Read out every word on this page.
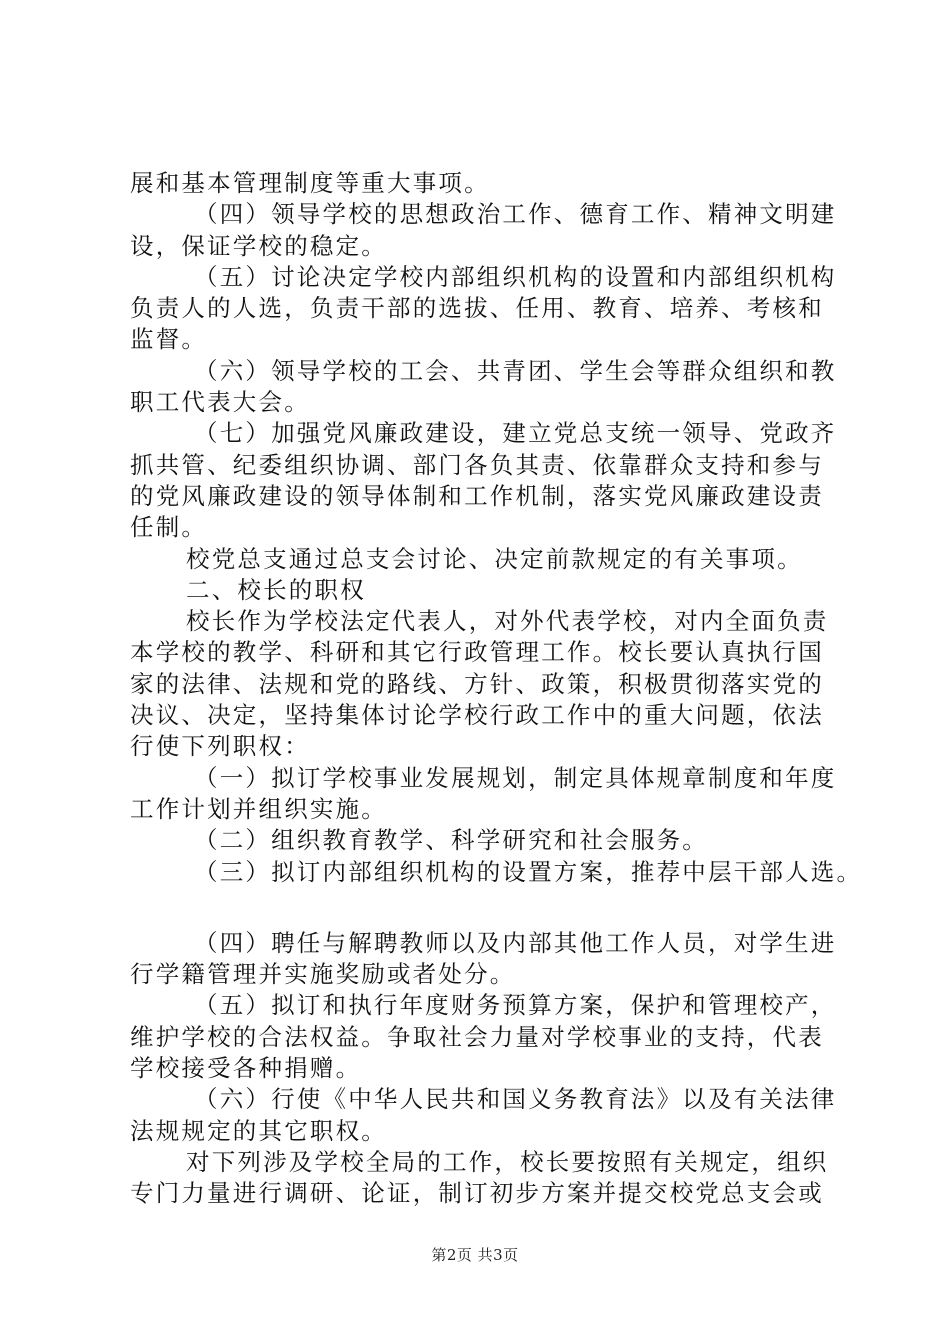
展和基本管理制度等重大事项。
（四）领导学校的思想政治工作、德育工作、精神文明建
设，保证学校的稳定。
（五）讨论决定学校内部组织机构的设置和内部组织机构
负责人的人选，负责干部的选拔、任用、教育、培养、考核和
监督。
（六）领导学校的工会、共青团、学生会等群众组织和教
职工代表大会。
（七）加强党风廉政建设，建立党总支统一领导、党政齐
抓共管、纪委组织协调、部门各负其责、依靠群众支持和参与
的党风廉政建设的领导体制和工作机制，落实党风廉政建设责
任制。
校党总支通过总支会讨论、决定前款规定的有关事项。
二、校长的职权
校长作为学校法定代表人，对外代表学校，对内全面负责
本学校的教学、科研和其它行政管理工作。校长要认真执行国
家的法律、法规和党的路线、方针、政策，积极贯彻落实党的
决议、决定，坚持集体讨论学校行政工作中的重大问题，依法
行使下列职权：
（一）拟订学校事业发展规划，制定具体规章制度和年度
工作计划并组织实施。
（二）组织教育教学、科学研究和社会服务。
（三）拟订内部组织机构的设置方案，推荐中层干部人选。
（四）聘任与解聘教师以及内部其他工作人员，对学生进
行学籍管理并实施奖励或者处分。
（五）拟订和执行年度财务预算方案，保护和管理校产，
维护学校的合法权益。争取社会力量对学校事业的支持，代表
学校接受各种捐赠。
（六）行使《中华人民共和国义务教育法》以及有关法律
法规规定的其它职权。
对下列涉及学校全局的工作，校长要按照有关规定，组织
专门力量进行调研、论证，制订初步方案并提交校党总支会或
第2页 共3页
